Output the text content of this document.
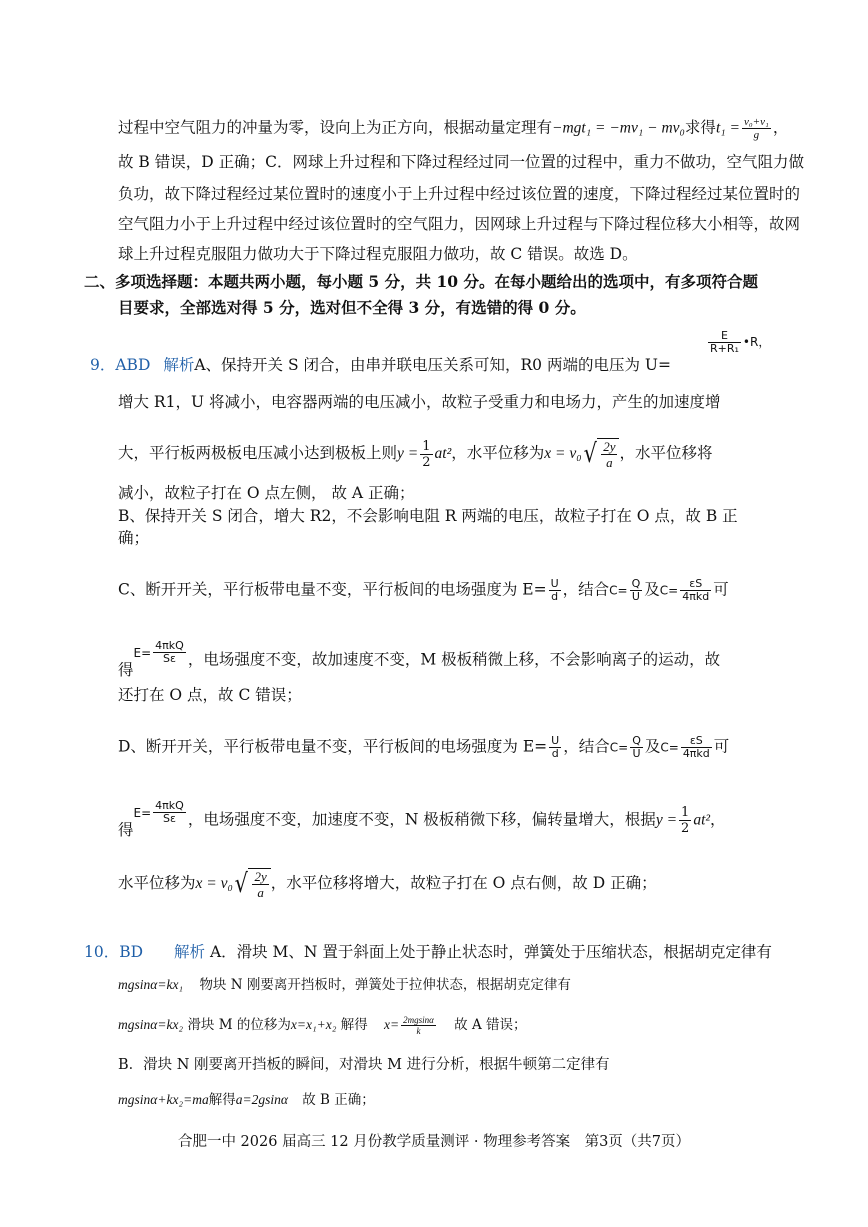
过程中空气阻力的冲量为零，设向上为正方向，根据动量定理有−mgt₁ = −mv₁ − mv₀求得$t_1 = \frac{\text{v₀+v₁}}{g}$ ，
故 B 错误，D 正确；C．网球上升过程和下降过程经过同一位置的过程中，重力不做功，空气阻力做
负功，故下降过程经过某位置时的速度小于上升过程中经过该位置的速度，下降过程经过某位置时的
空气阻力小于上升过程中经过该位置时的空气阻力，因网球上升过程与下降过程位移大小相等，故网
球上升过程克服阻力做功大于下降过程克服阻力做功，故 C 错误。故选 D。
二、多项选择题：本题共两小题，每小题 5 分，共 10 分。在每小题给出的选项中，有多项符合题
目要求，全部选对得 5 分，选对但不全得 3 分，有选错的得 0 分。
9．ABD 解析A、保持开关 S 闭合，由串并联电压关系可知，R0 两端的电压为 U=
$\frac{E}{\text{R+R₁}}$ •R，
增大 R1，U 将减小，电容器两端的电压减小，故粒子受重力和电场力，产生的加速度增
大，平行板两极板电压减小达到极板上则$y = \frac{1}{2} at^2$，水平位移为$x = v_0√ \frac{2y}{a}$ ，水平位移将
减小，故粒子打在 O 点左侧， 故 A 正确；
B、保持开关 S 闭合，增大 R2，不会影响电阻 R 两端的电压，故粒子打在 O 点，故 B 正
确；
C、断开开关，平行板带电量不变，平行板间的电场强度为 $E= \frac{U}{d}$ ，结合$C= \frac{Q}{U}$ 及$C= \frac{\varepsilon S}{\text{4πkd}}$ 可
得$^{E=} \frac{\text{4πkQ}}{S\varepsilon}$ ，电场强度不变，故加速度不变，M 极板稍微上移，不会影响离子的运动，故
还打在 O 点，故 C 错误；
D、断开开关，平行板带电量不变，平行板间的电场强度为 $E= \frac{U}{d}$ ，结合$C= \frac{Q}{U}$ 及$C= \frac{\varepsilon S}{\text{4πkd}}$ 可
得$^{E=} \frac{\text{4πkQ}}{S\varepsilon}$ ，电场强度不变，加速度不变，N 极板稍微下移，偏转量增大，根据$y = \frac{1}{2} at^2$，
水平位移为$x = v_0√ \frac{2y}{a}$ ，水平位移将增大，故粒子打在 O 点右侧，故 D 正确；
10．BD 解析 A．滑块 M、N 置于斜面上处于静止状态时，弹簧处于压缩状态，根据胡克定律有
mgsinα=kx₁ 物块 N 刚要离开挡板时，弹簧处于拉伸状态，根据胡克定律有
mgsinα=kx₂ 滑块 M 的位移为x=x₁+x₂ 解得 $x= \frac{2mgsin\alpha}{k}$ 故 A 错误；
B．滑块 N 刚要离开挡板的瞬间，对滑块 M 进行分析，根据牛顿第二定律有
mgsinα+kx₂=ma解得a=2gsinα 故 B 正确；
合肥一中 2026 届高三 12 月份教学质量测评 · 物理参考答案　第3页（共7页）
